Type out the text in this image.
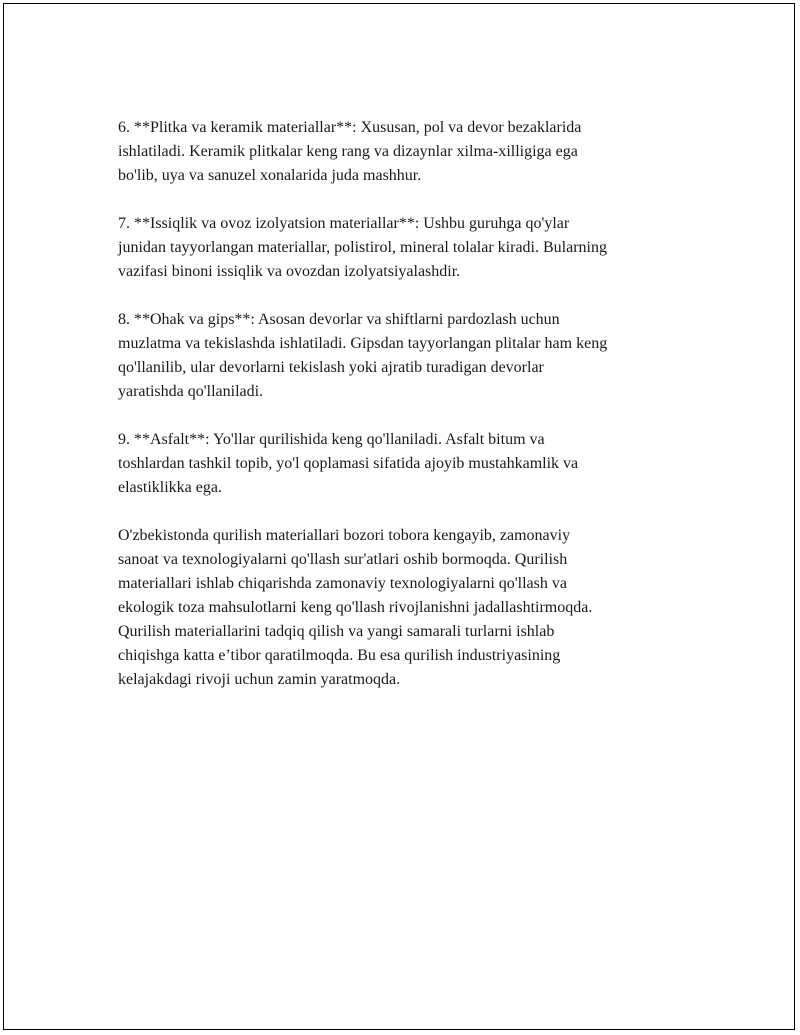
6. **Plitka va keramik materiallar**: Xususan, pol va devor bezaklarida
ishlatiladi. Keramik plitkalar keng rang va dizaynlar xilma-xilligiga ega
bo'lib, uya va sanuzel xonalarida juda mashhur.

7. **Issiqlik va ovoz izolyatsion materiallar**: Ushbu guruhga qo'ylar
junidan tayyorlangan materiallar, polistirol, mineral tolalar kiradi. Bularning
vazifasi binoni issiqlik va ovozdan izolyatsiyalashdir.

8. **Ohak va gips**: Asosan devorlar va shiftlarni pardozlash uchun
muzlatma va tekislashda ishlatiladi. Gipsdan tayyorlangan plitalar ham keng
qo'llanilib, ular devorlarni tekislash yoki ajratib turadigan devorlar
yaratishda qo'llaniladi.

9. **Asfalt**: Yo'llar qurilishida keng qo'llaniladi. Asfalt bitum va
toshlardan tashkil topib, yo'l qoplamasi sifatida ajoyib mustahkamlik va
elastiklikka ega.

O'zbekistonda qurilish materiallari bozori tobora kengayib, zamonaviy
sanoat va texnologiyalarni qo'llash sur'atlari oshib bormoqda. Qurilish
materiallari ishlab chiqarishda zamonaviy texnologiyalarni qo'llash va
ekologik toza mahsulotlarni keng qo'llash rivojlanishni jadallashtirmoqda.
Qurilish materiallarini tadqiq qilish va yangi samarali turlarni ishlab
chiqishga katta e’tibor qaratilmoqda. Bu esa qurilish industriyasining
kelajakdagi rivoji uchun zamin yaratmoqda.
